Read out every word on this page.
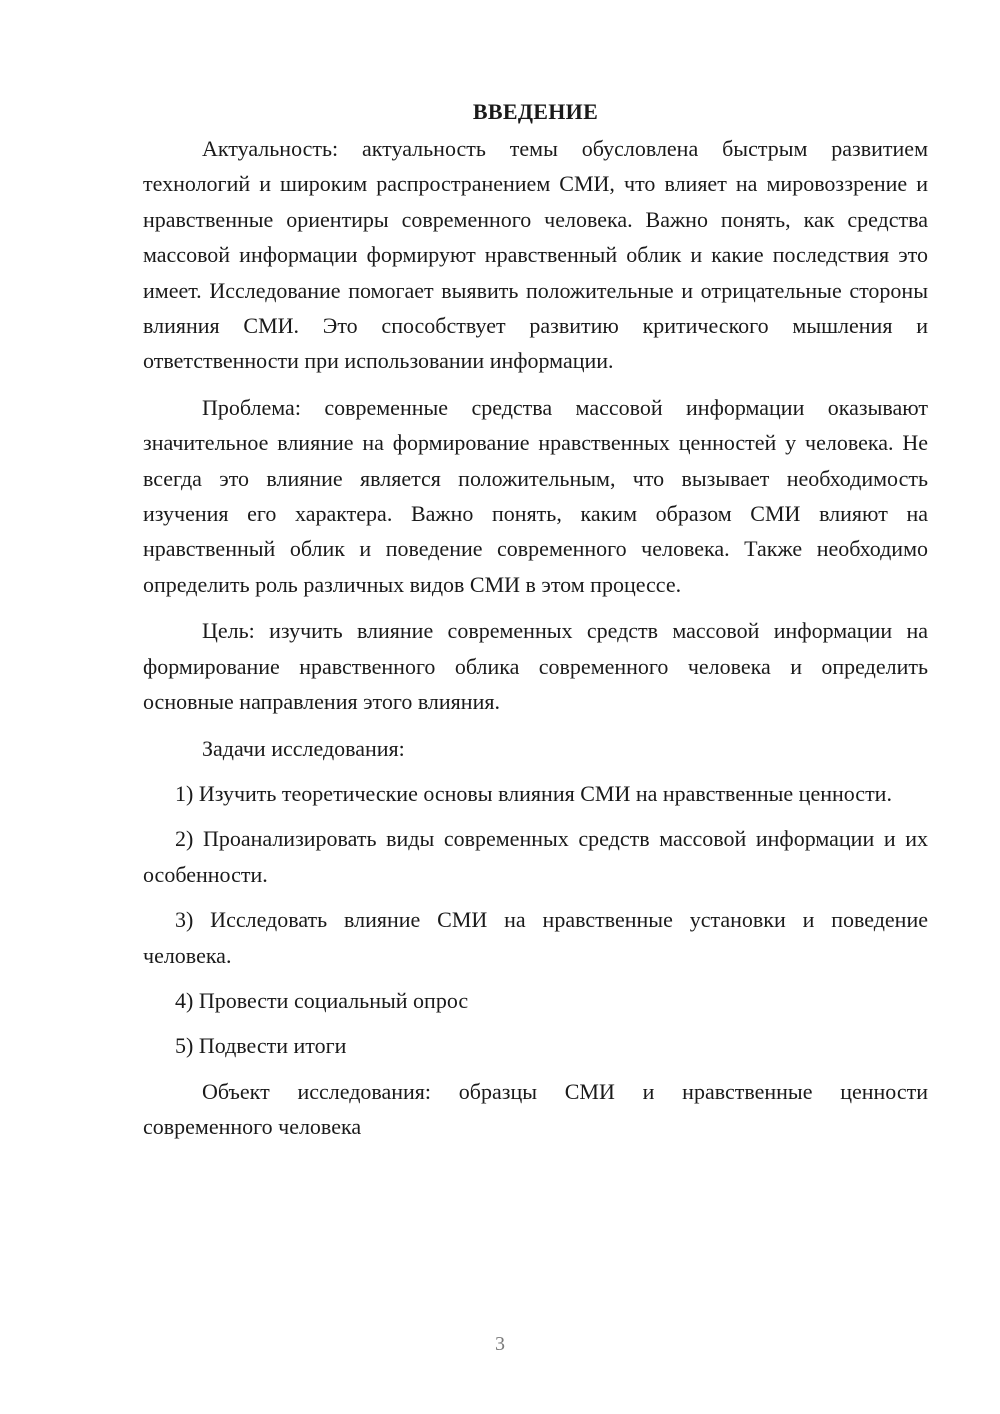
ВВЕДЕНИЕ

Актуальность: актуальность темы обусловлена быстрым развитием технологий и широким распространением СМИ, что влияет на мировоззрение и нравственные ориентиры современного человека. Важно понять, как средства массовой информации формируют нравственный облик и какие последствия это имеет. Исследование помогает выявить положительные и отрицательные стороны влияния СМИ. Это способствует развитию критического мышления и ответственности при использовании информации.

Проблема: современные средства массовой информации оказывают значительное влияние на формирование нравственных ценностей у человека. Не всегда это влияние является положительным, что вызывает необходимость изучения его характера. Важно понять, каким образом СМИ влияют на нравственный облик и поведение современного человека. Также необходимо определить роль различных видов СМИ в этом процессе.

Цель: изучить влияние современных средств массовой информации на формирование нравственного облика современного человека и определить основные направления этого влияния.

Задачи исследования:

1) Изучить теоретические основы влияния СМИ на нравственные ценности.

2) Проанализировать виды современных средств массовой информации и их особенности.

3) Исследовать влияние СМИ на нравственные установки и поведение человека.

4) Провести социальный опрос

5) Подвести итоги

Объект исследования: образцы СМИ и нравственные ценности современного человека

3
